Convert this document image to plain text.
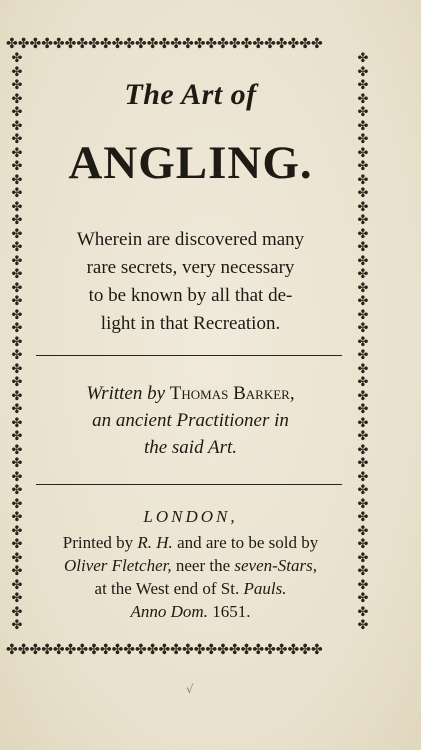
✤✤✤✤✤✤✤✤✤✤✤✤✤✤✤✤✤✤✤✤✤✤✤✤✤✤✤
✤✤✤✤✤✤✤✤✤✤✤✤✤✤✤✤✤✤✤✤✤✤✤✤✤✤✤
✤✤✤✤✤✤✤✤✤✤✤✤✤✤✤✤✤✤✤✤✤✤✤✤✤✤✤✤✤✤✤✤✤✤✤✤✤✤✤✤✤✤✤
✤✤✤✤✤✤✤✤✤✤✤✤✤✤✤✤✤✤✤✤✤✤✤✤✤✤✤✤✤✤✤✤✤✤✤✤✤✤✤✤✤✤✤
The Art of
ANGLING.
Wherein are discovered many
rare secrets, very necessary
to be known by all that de-
light in that Recreation.
Written by Thomas Barker,
an ancient Practitioner in
the said Art.
LONDON,
Printed by R. H. and are to be sold by
Oliver Fletcher, neer the seven-Stars,
at the West end of St. Pauls.
Anno Dom. 1651.
√
